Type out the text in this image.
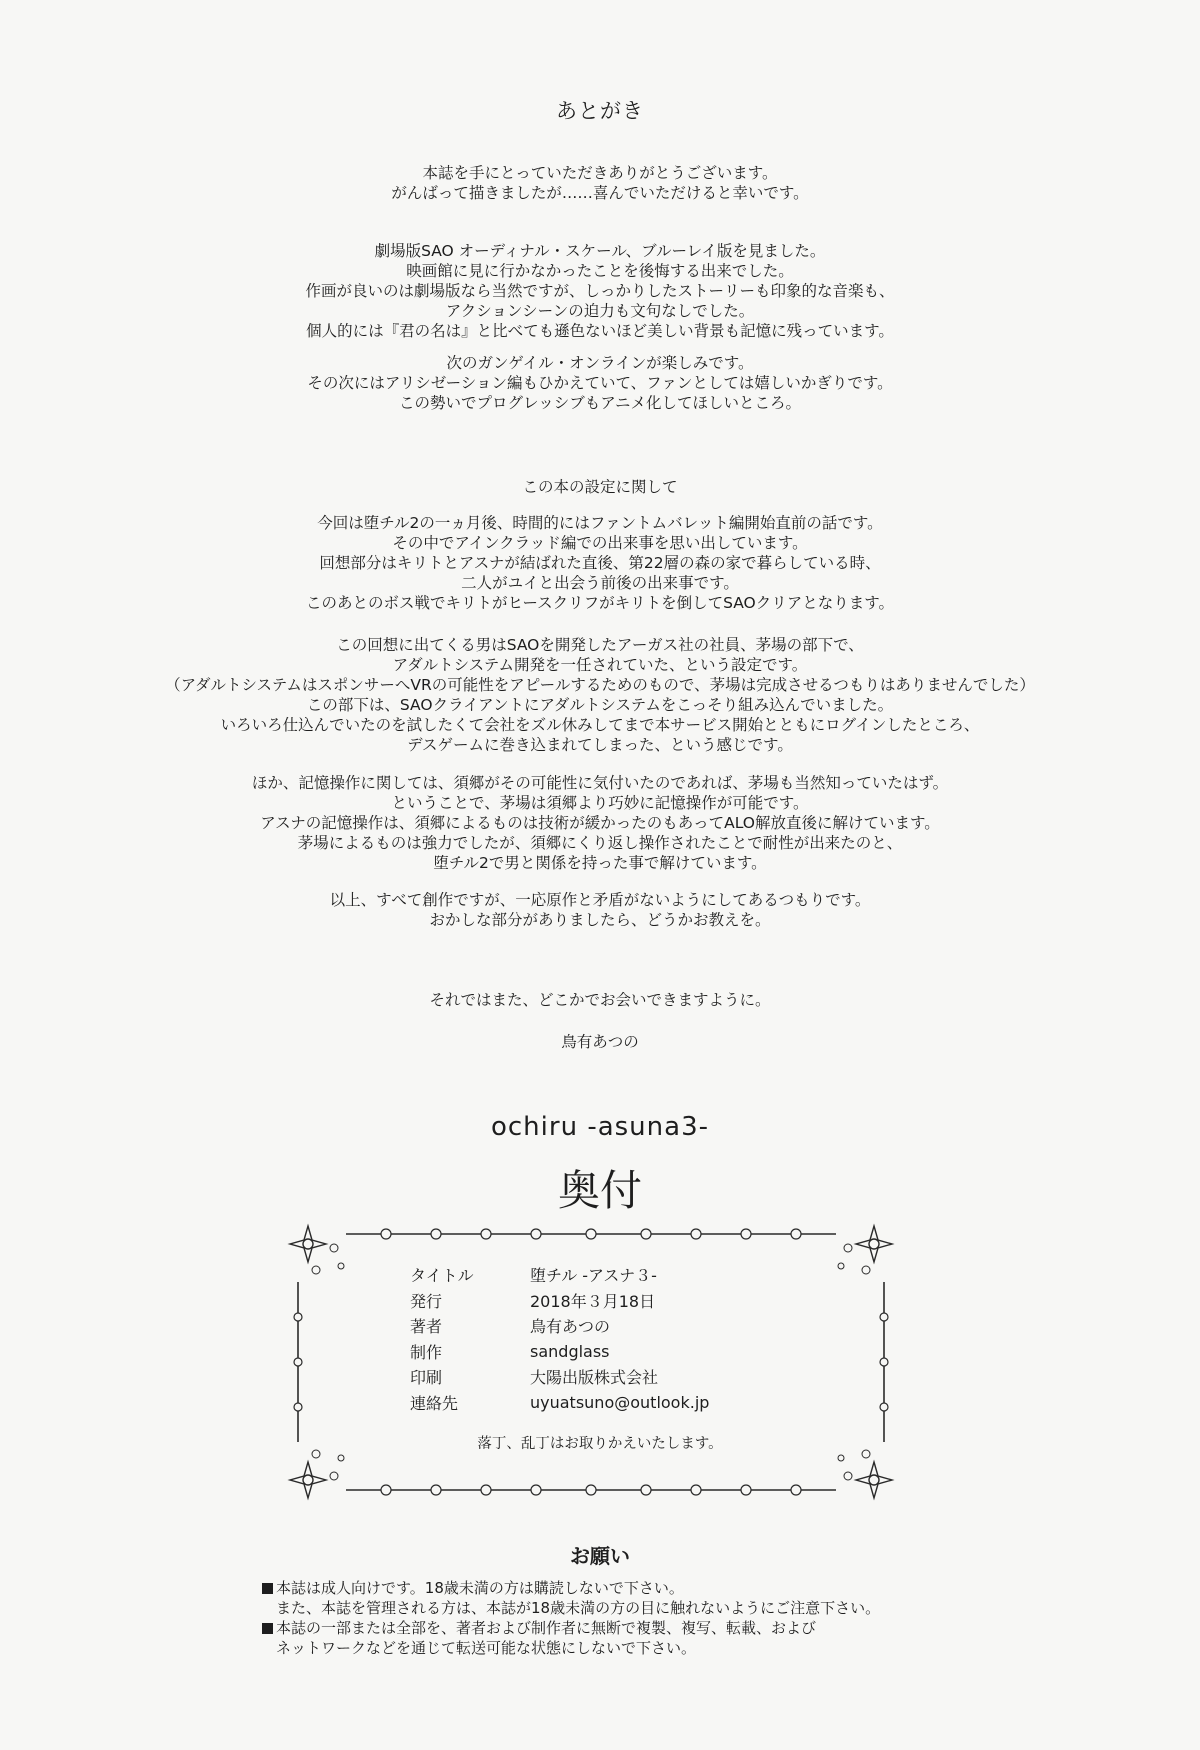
あとがき
本誌を手にとっていただきありがとうございます。
がんばって描きましたが……喜んでいただけると幸いです。
劇場版SAO オーディナル・スケール、ブルーレイ版を見ました。
映画館に見に行かなかったことを後悔する出来でした。
作画が良いのは劇場版なら当然ですが、しっかりしたストーリーも印象的な音楽も、
アクションシーンの迫力も文句なしでした。
個人的には『君の名は』と比べても遜色ないほど美しい背景も記憶に残っています。
次のガンゲイル・オンラインが楽しみです。
その次にはアリシゼーション編もひかえていて、ファンとしては嬉しいかぎりです。
この勢いでプログレッシブもアニメ化してほしいところ。
この本の設定に関して
今回は堕チル2の一ヵ月後、時間的にはファントムバレット編開始直前の話です。
その中でアインクラッド編での出来事を思い出しています。
回想部分はキリトとアスナが結ばれた直後、第22層の森の家で暮らしている時、
二人がユイと出会う前後の出来事です。
このあとのボス戦でキリトがヒースクリフがキリトを倒してSAOクリアとなります。
この回想に出てくる男はSAOを開発したアーガス社の社員、茅場の部下で、
アダルトシステム開発を一任されていた、という設定です。
（アダルトシステムはスポンサーへVRの可能性をアピールするためのもので、茅場は完成させるつもりはありませんでした）
この部下は、SAOクライアントにアダルトシステムをこっそり組み込んでいました。
いろいろ仕込んでいたのを試したくて会社をズル休みしてまで本サービス開始とともにログインしたところ、
デスゲームに巻き込まれてしまった、という感じです。
ほか、記憶操作に関しては、須郷がその可能性に気付いたのであれば、茅場も当然知っていたはず。
ということで、茅場は須郷より巧妙に記憶操作が可能です。
アスナの記憶操作は、須郷によるものは技術が緩かったのもあってALO解放直後に解けています。
茅場によるものは強力でしたが、須郷にくり返し操作されたことで耐性が出来たのと、
堕チル2で男と関係を持った事で解けています。
以上、すべて創作ですが、一応原作と矛盾がないようにしてあるつもりです。
おかしな部分がありましたら、どうかお教えを。
それではまた、どこかでお会いできますように。
鳥有あつの
ochiru -asuna3-
奥付
タイトル	堕チル -アスナ３-
発行	2018年３月18日
著者	鳥有あつの
制作	sandglass
印刷	大陽出版株式会社
連絡先	uyuatsuno@outlook.jp
落丁、乱丁はお取りかえいたします。
お願い
本誌は成人向けです。18歳未満の方は購読しないで下さい。
また、本誌を管理される方は、本誌が18歳未満の方の目に触れないようにご注意下さい。
本誌の一部または全部を、著者および制作者に無断で複製、複写、転載、および
ネットワークなどを通じて転送可能な状態にしないで下さい。
